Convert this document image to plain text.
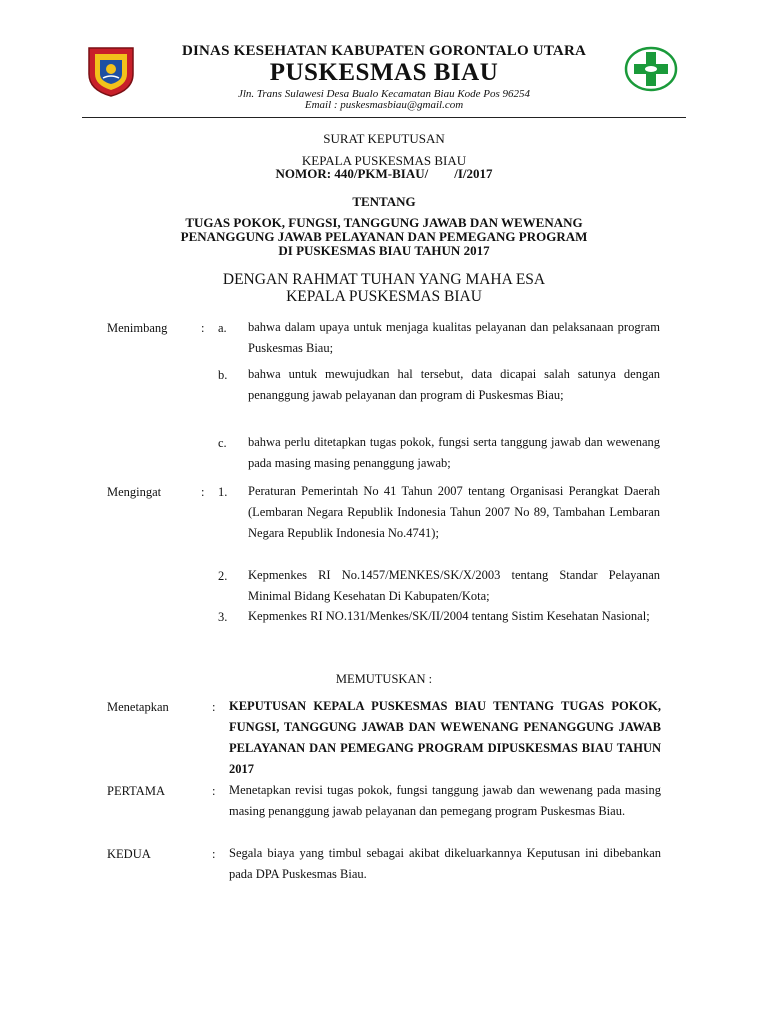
DINAS KESEHATAN KABUPATEN GORONTALO UTARA
PUSKESMAS BIAU
Jln. Trans Sulawesi Desa Bualo Kecamatan Biau Kode Pos 96254
Email : puskesmasbiau@gmail.com
SURAT KEPUTUSAN
KEPALA PUSKESMAS BIAU
NOMOR: 440/PKM-BIAU/        /I/2017
TENTANG
TUGAS POKOK, FUNGSI, TANGGUNG JAWAB DAN WEWENANG
PENANGGUNG JAWAB PELAYANAN DAN PEMEGANG PROGRAM
DI PUSKESMAS BIAU TAHUN 2017
DENGAN RAHMAT TUHAN YANG MAHA ESA
KEPALA PUSKESMAS BIAU
Menimbang	: a. bahwa dalam upaya untuk menjaga kualitas pelayanan dan pelaksanaan program Puskesmas Biau;
b. bahwa untuk mewujudkan hal tersebut, data dicapai salah satunya dengan penanggung jawab pelayanan dan program di Puskesmas Biau;
c. bahwa perlu ditetapkan tugas pokok, fungsi serta tanggung jawab dan wewenang pada masing masing penanggung jawab;
Mengingat	: 1. Peraturan Pemerintah No 41 Tahun 2007 tentang Organisasi Perangkat Daerah (Lembaran Negara Republik Indonesia Tahun 2007 No 89, Tambahan Lembaran Negara Republik Indonesia No.4741);
2. Kepmenkes RI No.1457/MENKES/SK/X/2003 tentang Standar Pelayanan Minimal Bidang Kesehatan Di Kabupaten/Kota;
3. Kepmenkes RI NO.131/Menkes/SK/II/2004 tentang Sistim Kesehatan Nasional;
MEMUTUSKAN :
Menetapkan	: KEPUTUSAN KEPALA PUSKESMAS BIAU TENTANG TUGAS POKOK, FUNGSI, TANGGUNG JAWAB DAN WEWENANG PENANGGUNG JAWAB PELAYANAN DAN PEMEGANG PROGRAM DIPUSKESMAS BIAU TAHUN 2017
PERTAMA	: Menetapkan revisi tugas pokok, fungsi tanggung jawab dan wewenang pada masing masing penanggung jawab pelayanan dan pemegang program Puskesmas Biau.
KEDUA	: Segala biaya yang timbul sebagai akibat dikeluarkannya Keputusan ini dibebankan pada DPA Puskesmas Biau.
